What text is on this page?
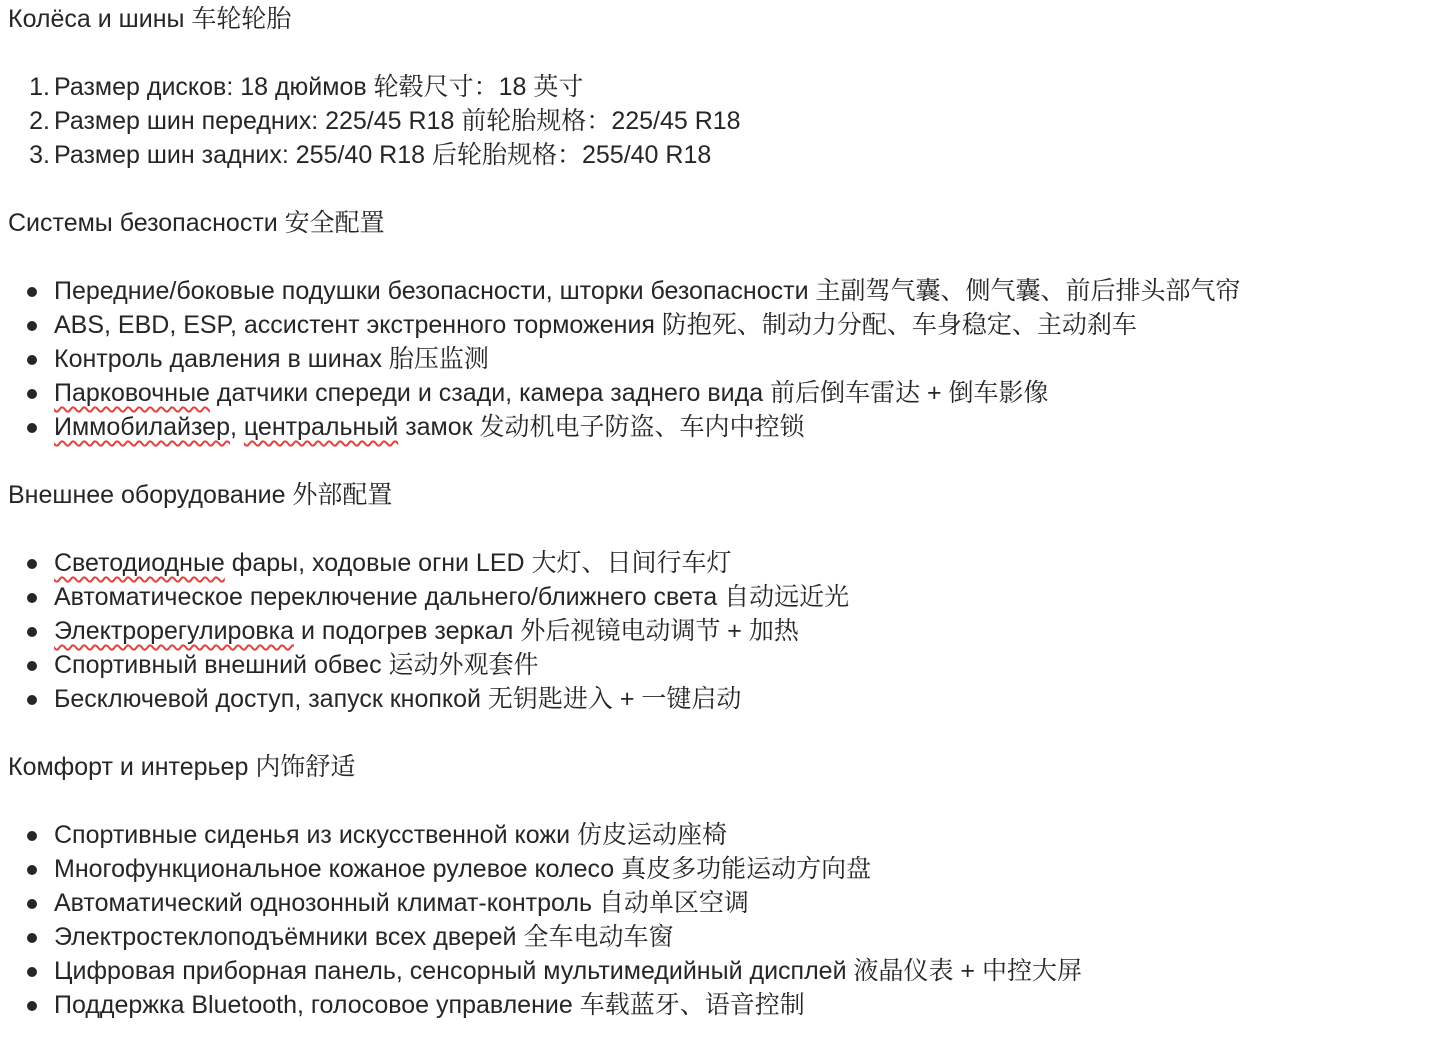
Колёса и шины 车轮轮胎
1. Размер дисков: 18 дюймов 轮毂尺寸：18 英寸
2. Размер шин передних: 225/45 R18 前轮胎规格：225/45 R18
3. Размер шин задних: 255/40 R18 后轮胎规格：255/40 R18
Системы безопасности 安全配置
Передние/боковые подушки безопасности, шторки безопасности 主副驾气囊、侧气囊、前后排头部气帘
ABS, EBD, ESP, ассистент экстренного торможения 防抱死、制动力分配、车身稳定、主动刹车
Контроль давления в шинах 胎压监测
Парковочные датчики спереди и сзади, камера заднего вида 前后倒车雷达 + 倒车影像
Иммобилайзер, центральный замок 发动机电子防盗、车内中控锁
Внешнее оборудование 外部配置
Светодиодные фары, ходовые огни LED 大灯、日间行车灯
Автоматическое переключение дальнего/ближнего света 自动远近光
Электрорегулировка и подогрев зеркал 外后视镜电动调节 + 加热
Спортивный внешний обвес 运动外观套件
Бесключевой доступ, запуск кнопкой 无钥匙进入 + 一键启动
Комфорт и интерьер 内饰舒适
Спортивные сиденья из искусственной кожи 仿皮运动座椅
Многофункциональное кожаное рулевое колесо 真皮多功能运动方向盘
Автоматический однозонный климат-контроль 自动单区空调
Электростеклоподъёмники всех дверей 全车电动车窗
Цифровая приборная панель, сенсорный мультимедийный дисплей 液晶仪表 + 中控大屏
Поддержка Bluetooth, голосовое управление 车载蓝牙、语音控制
